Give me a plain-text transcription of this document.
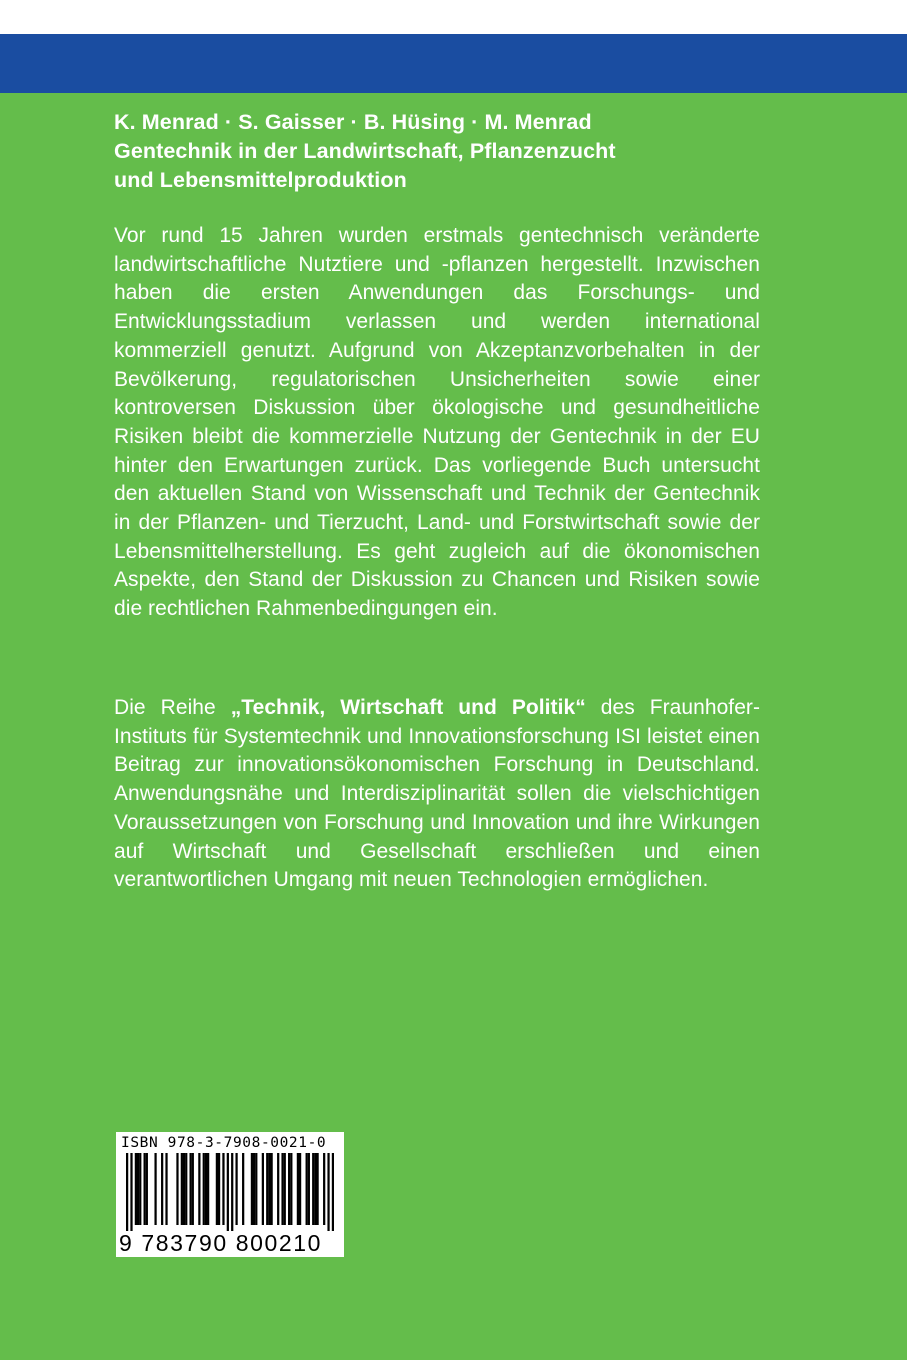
K. Menrad · S. Gaisser · B. Hüsing · M. Menrad
Gentechnik in der Landwirtschaft, Pflanzenzucht
und Lebensmittelproduktion
Vor rund 15 Jahren wurden erstmals gentechnisch veränderte landwirtschaftliche Nutztiere und -pflanzen hergestellt. Inzwischen haben die ersten Anwendungen das Forschungs- und Entwicklungsstadium verlassen und werden international kommerziell genutzt. Aufgrund von Akzeptanzvorbehalten in der Bevölkerung, regulatorischen Unsicherheiten sowie einer kontroversen Diskussion über ökologische und gesundheitliche Risiken bleibt die kommerzielle Nutzung der Gentechnik in der EU hinter den Erwartungen zurück. Das vorliegende Buch untersucht den aktuellen Stand von Wissenschaft und Technik der Gentechnik in der Pflanzen- und Tierzucht, Land- und Forstwirtschaft sowie der Lebensmittelherstellung. Es geht zugleich auf die ökonomischen Aspekte, den Stand der Diskussion zu Chancen und Risiken sowie die rechtlichen Rahmenbedingungen ein.
Die Reihe „Technik, Wirtschaft und Politik“ des Fraunhofer-Instituts für Systemtechnik und Innovationsforschung ISI leistet einen Beitrag zur innovationsökonomischen Forschung in Deutschland. Anwendungsnähe und Interdisziplinarität sollen die vielschichtigen Voraussetzungen von Forschung und Innovation und ihre Wirkungen auf Wirtschaft und Gesellschaft erschließen und einen verantwortlichen Umgang mit neuen Technologien ermöglichen.
ISBN 978-3-7908-0021-0
9 783790 800210
